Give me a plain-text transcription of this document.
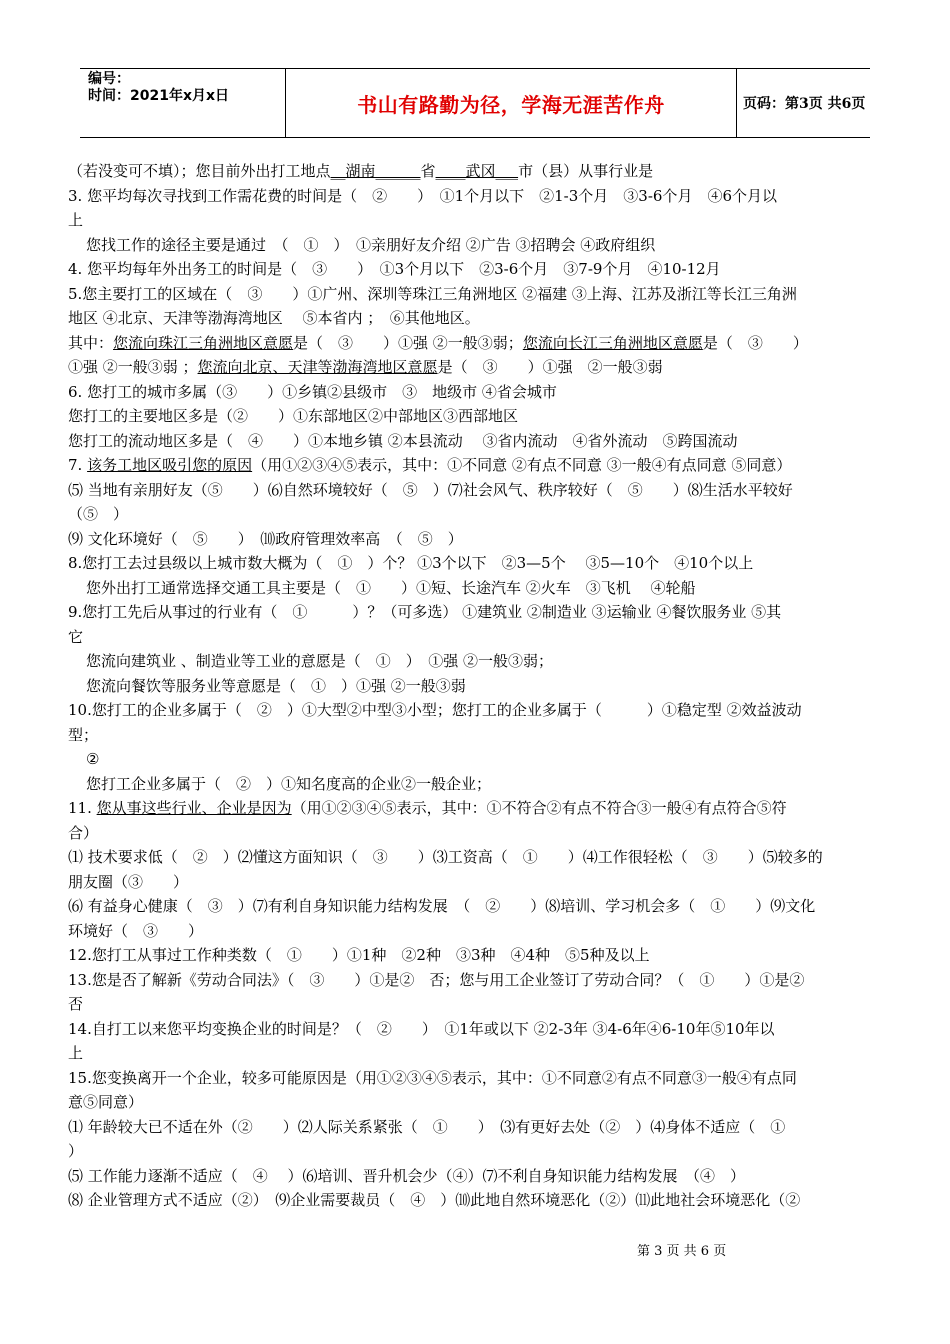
编号：
时间：2021年x月x日	书山有路勤为径，学海无涯苦作舟	页码：第3页 共6页
（若没变可不填）；您目前外出打工地点__湖南______省____武冈___市（县）从事行业是
3. 您平均每次寻找到工作需花费的时间是（　②　　）　①1个月以下　②1-3个月　③3-6个月　④6个月以
上
您找工作的途径主要是通过　（　①　）　①亲朋好友介绍 ②广告 ③招聘会 ④政府组织
4. 您平均每年外出务工的时间是（　③　　）　①3个月以下　②3-6个月　③7-9个月　④10-12月
5.您主要打工的区域在（　③　　）①广州、深圳等珠江三角洲地区 ②福建 ③上海、江苏及浙江等长江三角洲
地区 ④北京、天津等渤海湾地区　 ⑤本省内 ；　⑥其他地区。
其中：您流向珠江三角洲地区意愿是（　③　　）①强 ②一般③弱；您流向长江三角洲地区意愿是（　③　　）
①强 ②一般③弱 ；您流向北京、天津等渤海湾地区意愿是（　③　　）①强　②一般③弱
6. 您打工的城市多属（③　　）①乡镇②县级市　③　地级市 ④省会城市
您打工的主要地区多是（②　　）①东部地区②中部地区③西部地区
您打工的流动地区多是（　④　　）①本地乡镇 ②本县流动　 ③省内流动　④省外流动　⑤跨国流动
7. 该务工地区吸引您的原因（用①②③④⑤表示，其中：①不同意 ②有点不同意 ③一般④有点同意 ⑤同意）
⑸ 当地有亲朋好友（⑤　　）⑹自然环境较好（　⑤　）⑺社会风气、秩序较好（　⑤　　）⑻生活水平较好
（⑤　）
⑼ 文化环境好（　⑤　　）　⑽政府管理效率高　（　⑤　）
8.您打工去过县级以上城市数大概为（　①　）个？ ①3个以下　②3—5个　 ③5—10个　④10个以上
您外出打工通常选择交通工具主要是（　①　　）①短、长途汽车 ②火车　③飞机　 ④轮船
9.您打工先后从事过的行业有（　①　　　）？（可多选） ①建筑业 ②制造业 ③运输业 ④餐饮服务业 ⑤其
它
您流向建筑业 、制造业等工业的意愿是（　①　）　①强 ②一般③弱；
您流向餐饮等服务业等意愿是（　①　）①强 ②一般③弱
10.您打工的企业多属于（　②　）①大型②中型③小型；您打工的企业多属于（　　　）①稳定型 ②效益波动
型；
②
您打工企业多属于（　②　）①知名度高的企业②一般企业；
11. 您从事这些行业、企业是因为（用①②③④⑤表示，其中：①不符合②有点不符合③一般④有点符合⑤符
合）
⑴ 技术要求低（　②　）⑵懂这方面知识（　③　　）⑶工资高（　①　　）⑷工作很轻松（　③　　）⑸较多的
朋友圈（③　　）
⑹ 有益身心健康（　③　）⑺有利自身知识能力结构发展　（　②　　）⑻培训、学习机会多（　①　　）⑼文化
环境好（　③　　）
12.您打工从事过工作种类数（　①　　）①1种　②2种　③3种　④4种　⑤5种及以上
13.您是否了解新《劳动合同法》（　③　　）①是②　否；您与用工企业签订了劳动合同？（　①　　）①是②
否
14.自打工以来您平均变换企业的时间是？（　②　　）　①1年或以下 ②2-3年 ③4-6年④6-10年⑤10年以
上
15.您变换离开一个企业，较多可能原因是（用①②③④⑤表示，其中：①不同意②有点不同意③一般④有点同
意⑤同意）
⑴ 年龄较大已不适在外（②　　）⑵人际关系紧张（　①　　）　⑶有更好去处（②　）⑷身体不适应（　①
）
⑸ 工作能力逐渐不适应（　④　 ）⑹培训、晋升机会少（④）⑺不利自身知识能力结构发展　（④　）
⑻ 企业管理方式不适应（②）　⑼企业需要裁员（　④　）⑽此地自然环境恶化（②）⑾此地社会环境恶化（②
第 3 页 共 6 页
